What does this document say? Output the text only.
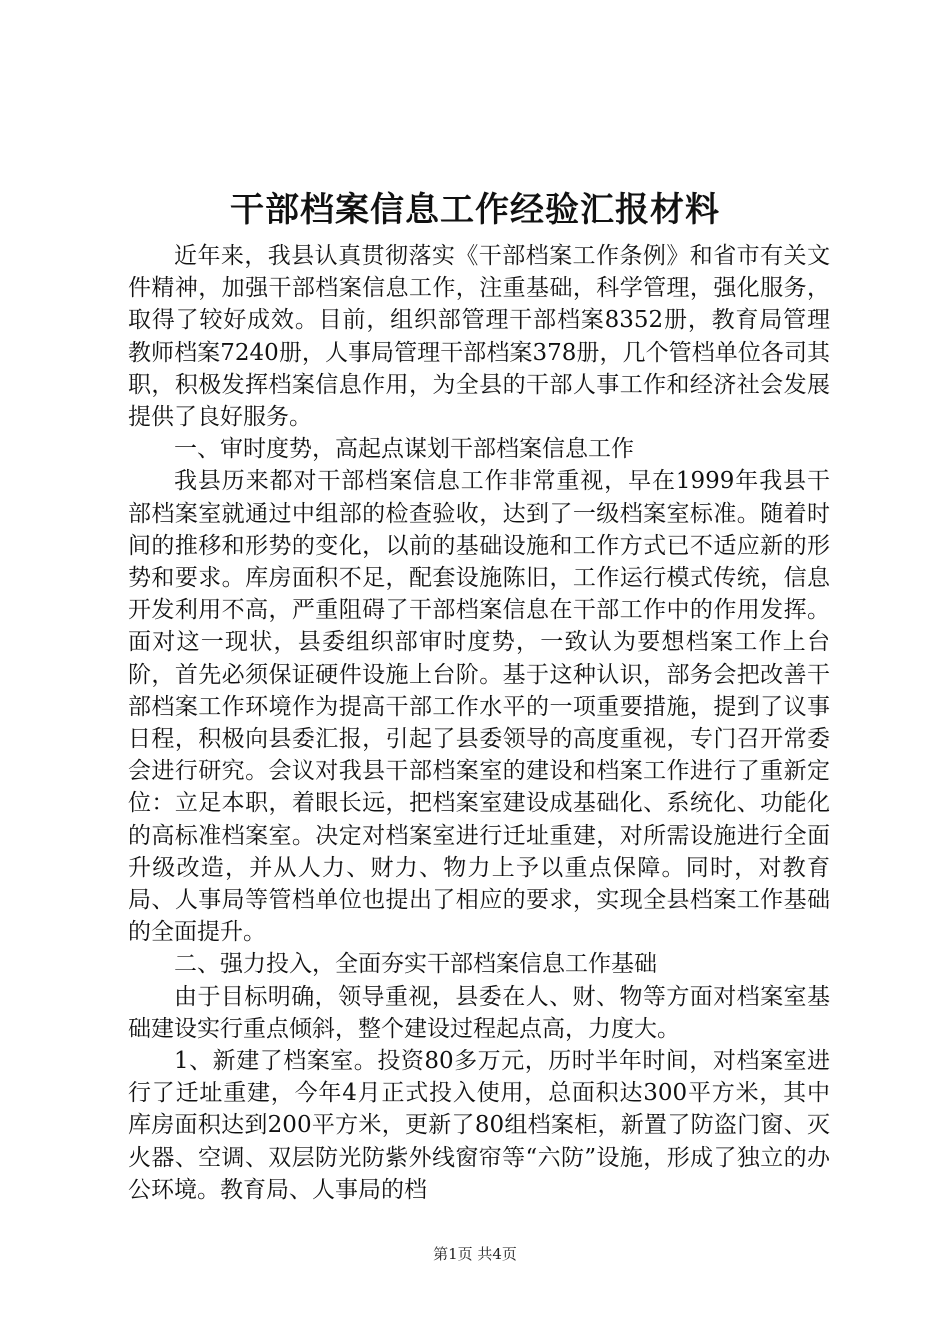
干部档案信息工作经验汇报材料

近年来，我县认真贯彻落实《干部档案工作条例》和省市有关文件精神，加强干部档案信息工作，注重基础，科学管理，强化服务，取得了较好成效。目前，组织部管理干部档案8352册，教育局管理教师档案7240册，人事局管理干部档案378册，几个管档单位各司其职，积极发挥档案信息作用，为全县的干部人事工作和经济社会发展提供了良好服务。

一、审时度势，高起点谋划干部档案信息工作

我县历来都对干部档案信息工作非常重视，早在1999年我县干部档案室就通过中组部的检查验收，达到了一级档案室标准。随着时间的推移和形势的变化，以前的基础设施和工作方式已不适应新的形势和要求。库房面积不足，配套设施陈旧，工作运行模式传统，信息开发利用不高，严重阻碍了干部档案信息在干部工作中的作用发挥。面对这一现状，县委组织部审时度势，一致认为要想档案工作上台阶，首先必须保证硬件设施上台阶。基于这种认识，部务会把改善干部档案工作环境作为提高干部工作水平的一项重要措施，提到了议事日程，积极向县委汇报，引起了县委领导的高度重视，专门召开常委会进行研究。会议对我县干部档案室的建设和档案工作进行了重新定位：立足本职，着眼长远，把档案室建设成基础化、系统化、功能化的高标准档案室。决定对档案室进行迁址重建，对所需设施进行全面升级改造，并从人力、财力、物力上予以重点保障。同时，对教育局、人事局等管档单位也提出了相应的要求，实现全县档案工作基础的全面提升。

二、强力投入，全面夯实干部档案信息工作基础

由于目标明确，领导重视，县委在人、财、物等方面对档案室基础建设实行重点倾斜，整个建设过程起点高，力度大。

1、新建了档案室。投资80多万元，历时半年时间，对档案室进行了迁址重建，今年4月正式投入使用，总面积达300平方米，其中库房面积达到200平方米，更新了80组档案柜，新置了防盗门窗、灭火器、空调、双层防光防紫外线窗帘等“六防”设施，形成了独立的办公环境。教育局、人事局的档

第1页 共4页
